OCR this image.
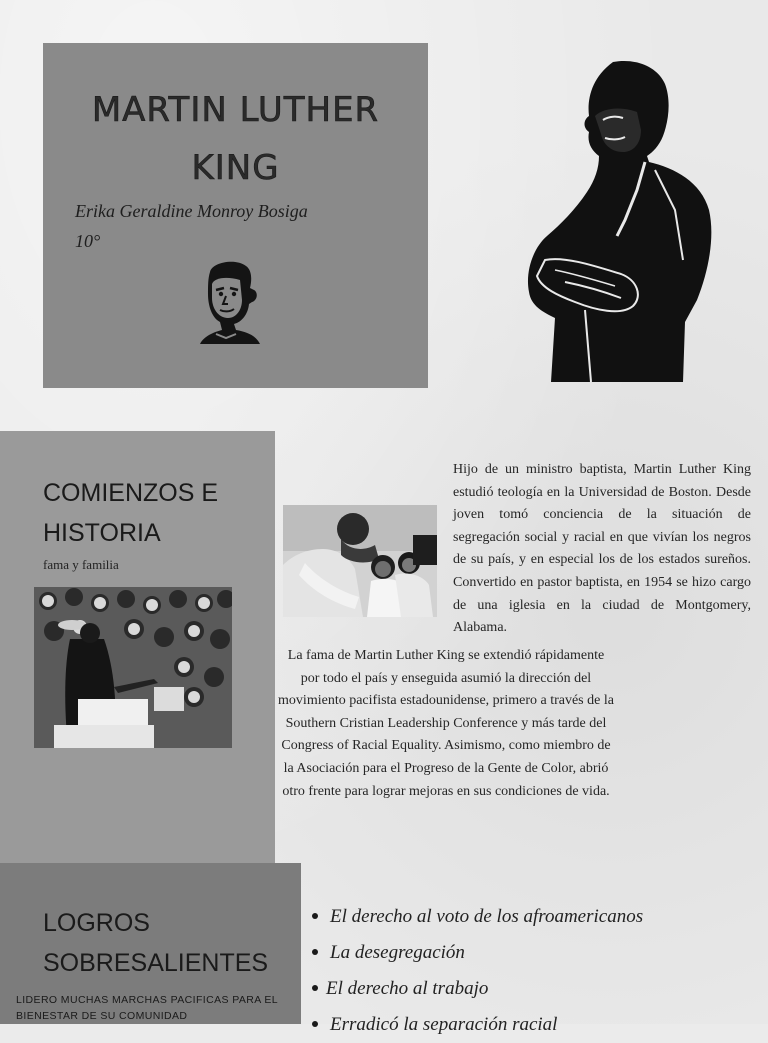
MARTIN LUTHER KING
Erika Geraldine Monroy Bosiga
10°
COMIENZOS E HISTORIA
fama y familia
Hijo de un ministro baptista, Martin Luther King estudió teología en la Universidad de Boston. Desde joven tomó conciencia de la situación de segregación social y racial en que vivían los negros de su país, y en especial los de los estados sureños. Convertido en pastor baptista, en 1954 se hizo cargo de una iglesia en la ciudad de Montgomery, Alabama.
La fama de Martin Luther King se extendió rápidamente por todo el país y enseguida asumió la dirección del movimiento pacifista estadounidense, primero a través de la Southern Cristian Leadership Conference y más tarde del Congress of Racial Equality. Asimismo, como miembro de la Asociación para el Progreso de la Gente de Color, abrió otro frente para lograr mejoras en sus condiciones de vida.
LOGROS SOBRESALIENTES
LIDERO MUCHAS MARCHAS PACIFICAS PARA EL BIENESTAR DE SU COMUNIDAD
El derecho al voto de los afroamericanos
La desegregación
El derecho al trabajo
Erradicó la separación racial
